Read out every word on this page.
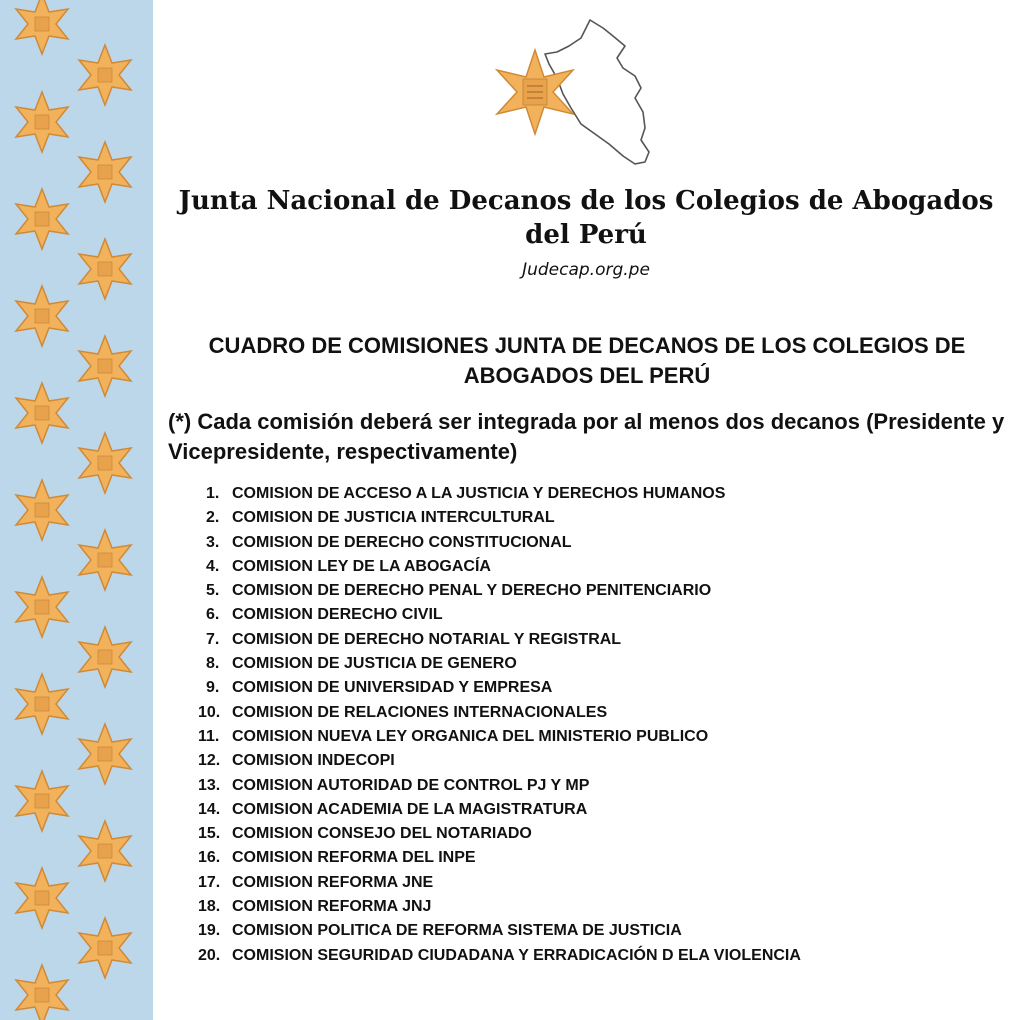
Junta Nacional de Decanos de los Colegios de Abogados del Perú
Judecap.org.pe
CUADRO DE COMISIONES JUNTA DE DECANOS DE LOS COLEGIOS DE ABOGADOS DEL PERÚ
(*) Cada comisión deberá ser integrada por al menos dos decanos (Presidente y Vicepresidente, respectivamente)
1. COMISION DE ACCESO A LA JUSTICIA Y DERECHOS HUMANOS
2. COMISION DE JUSTICIA INTERCULTURAL
3. COMISION DE DERECHO CONSTITUCIONAL
4. COMISION LEY DE LA ABOGACÍA
5. COMISION DE DERECHO PENAL Y DERECHO PENITENCIARIO
6. COMISION DERECHO CIVIL
7. COMISION DE DERECHO NOTARIAL Y REGISTRAL
8. COMISION DE JUSTICIA DE GENERO
9. COMISION DE UNIVERSIDAD Y EMPRESA
10. COMISION DE RELACIONES INTERNACIONALES
11. COMISION NUEVA LEY ORGANICA DEL MINISTERIO PUBLICO
12. COMISION INDECOPI
13. COMISION AUTORIDAD DE CONTROL PJ Y MP
14. COMISION ACADEMIA DE LA MAGISTRATURA
15. COMISION CONSEJO DEL NOTARIADO
16. COMISION REFORMA DEL INPE
17. COMISION REFORMA JNE
18. COMISION REFORMA JNJ
19. COMISION POLITICA DE REFORMA SISTEMA DE JUSTICIA
20. COMISION SEGURIDAD CIUDADANA Y ERRADICACIÓN D ELA VIOLENCIA
